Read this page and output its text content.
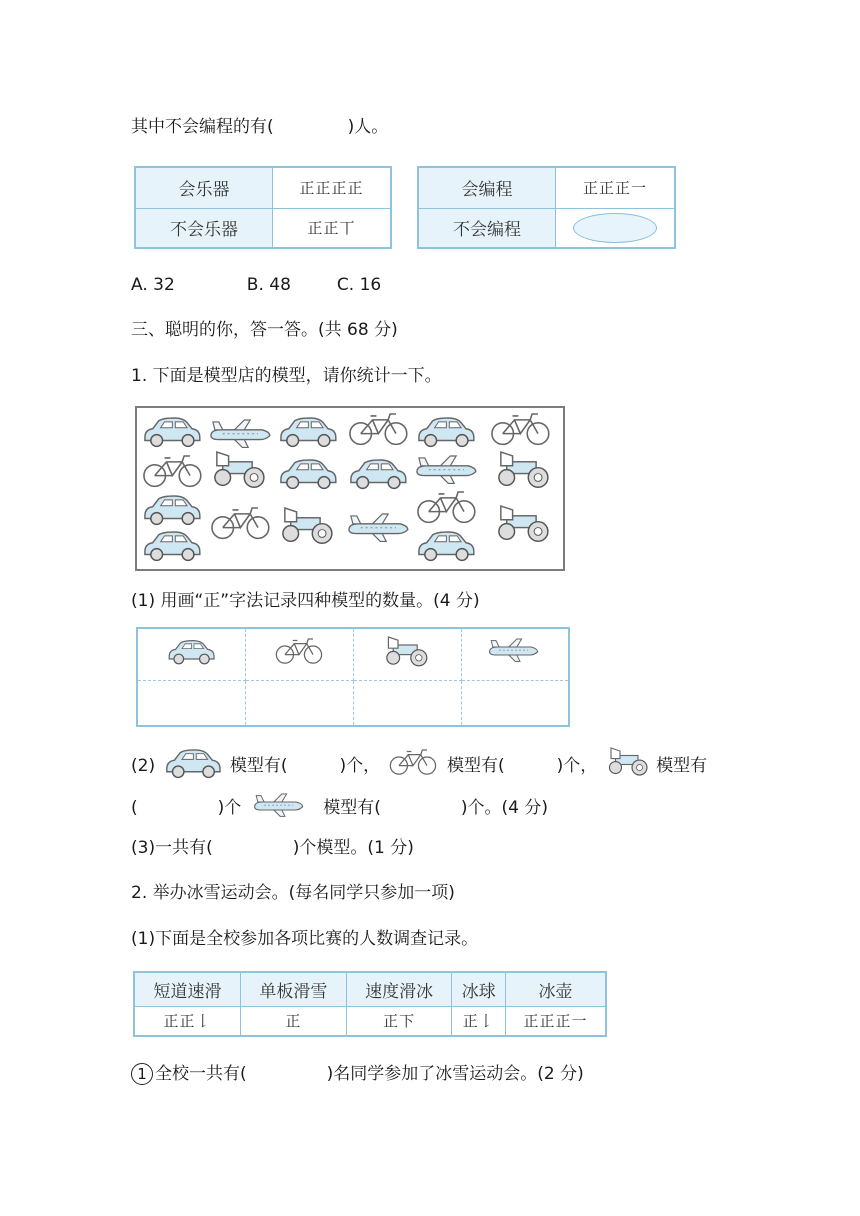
其中不会编程的有(	)人。
会乐器	正正正正
不会乐器	正正丅
会编程	正正正一
不会编程	
A. 32	B. 48	C. 16
三、聪明的你，答一答。(共 68 分)
1. 下面是模型店的模型，请你统计一下。
(1) 用画“正”字法记录四种模型的数量。(4 分)

(2)	模型有(	)个，	模型有(	)个，	模型有
(	)个	模型有(	)个。(4 分)
(3)一共有(	)个模型。(1 分)
2. 举办冰雪运动会。(每名同学只参加一项)
(1)下面是全校参加各项比赛的人数调查记录。
短道速滑	单板滑雪	速度滑冰	冰球	冰壶
正正𠄌	正	正下	正𠄌	正正正一
1 全校一共有(	)名同学参加了冰雪运动会。(2 分)
